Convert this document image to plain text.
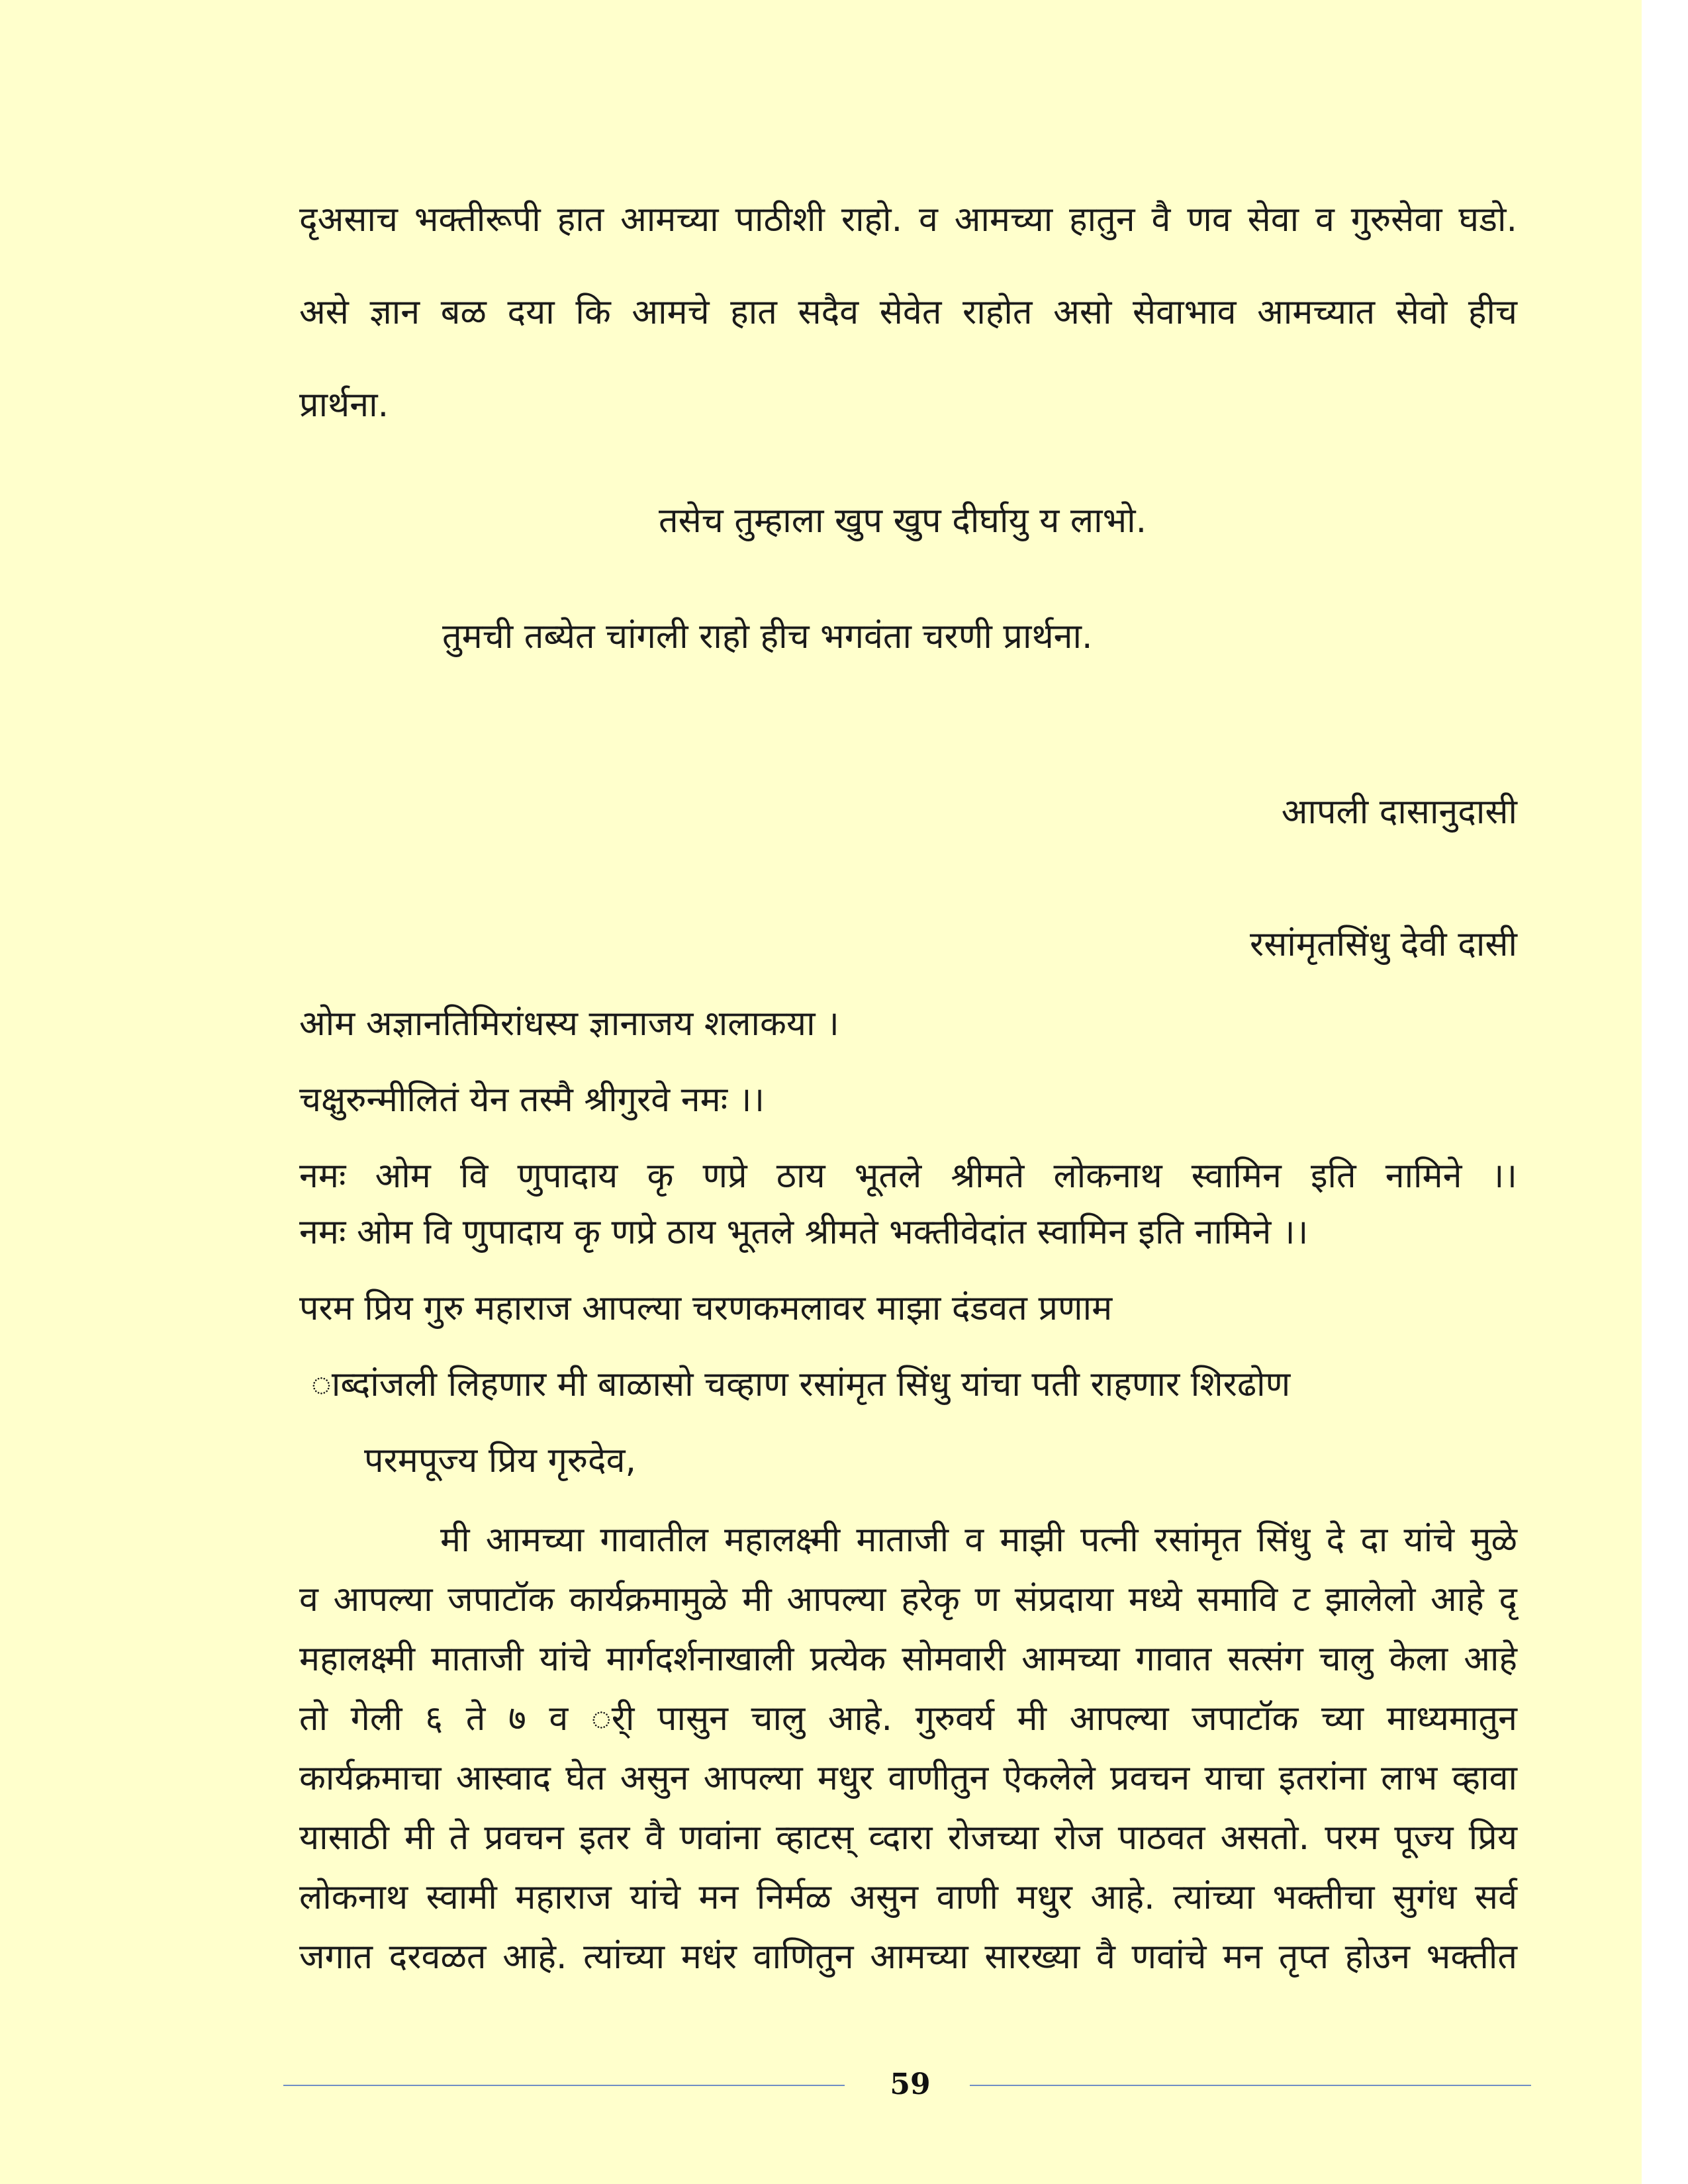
दृअसाच भक्तीरूपी हात आमच्या पाठीशी राहो. व आमच्या हातुन वै णव सेवा व गुरुसेवा घडो.
असे ज्ञान बळ दया कि आमचे हात सदैव सेवेत राहोत असो सेवाभाव आमच्यात सेवो हीच
प्रार्थना.
तसेच तुम्हाला खुप खुप दीर्घायु य लाभो.
तुमची तब्येत चांगली राहो हीच भगवंता चरणी प्रार्थना.
आपली दासानुदासी
रसांमृतसिंधु देवी दासी
ओम अज्ञानतिमिरांधस्य ज्ञानाजय शलाकया ।
चक्षुरुन्मीलितं येन तस्मै श्रीगुरवे नमः ।।
नमः ओम वि णुपादाय कृ णप्रे ठाय भूतले श्रीमते लोकनाथ स्वामिन इति नामिने ।।
नमः ओम वि णुपादाय कृ णप्रे ठाय भूतले श्रीमते भक्तीवेदांत स्वामिन इति नामिने ।।
परम प्रिय गुरु महाराज आपल्या चरणकमलावर माझा दंडवत प्रणाम
ाब्दांजली लिहणार मी बाळासो चव्हाण रसांमृत सिंधु यांचा पती राहणार शिरढोण
परमपूज्य प्रिय गृरुदेव,
मी आमच्या गावातील महालक्ष्मी माताजी व माझी पत्नी रसांमृत सिंधु दे दा यांचे मुळे
व आपल्या जपाटॉक कार्यक्रमामुळे मी आपल्या हरेकृ ण संप्रदाया मध्ये समावि ट झालेलो आहे दृ
महालक्ष्मी माताजी यांचे मार्गदर्शनाखाली प्रत्येक सोमवारी आमच्या गावात सत्संग चालु केला आहे
तो गेली ६ ते ७ व र्ी पासुन चालु आहे. गुरुवर्य मी आपल्या जपाटॉक च्या माध्यमातुन
कार्यक्रमाचा आस्वाद घेत असुन आपल्या मधुर वाणीतुन ऐकलेले प्रवचन याचा इतरांना लाभ व्हावा
यासाठी मी ते प्रवचन इतर वै णवांना व्हाटस् व्दारा रोजच्या रोज पाठवत असतो. परम पूज्य प्रिय
लोकनाथ स्वामी महाराज यांचे मन निर्मळ असुन वाणी मधुर आहे. त्यांच्या भक्तीचा सुगंध सर्व
जगात दरवळत आहे. त्यांच्या मधंर वाणितुन आमच्या सारख्या वै णवांचे मन तृप्त होउन भक्तीत
59
